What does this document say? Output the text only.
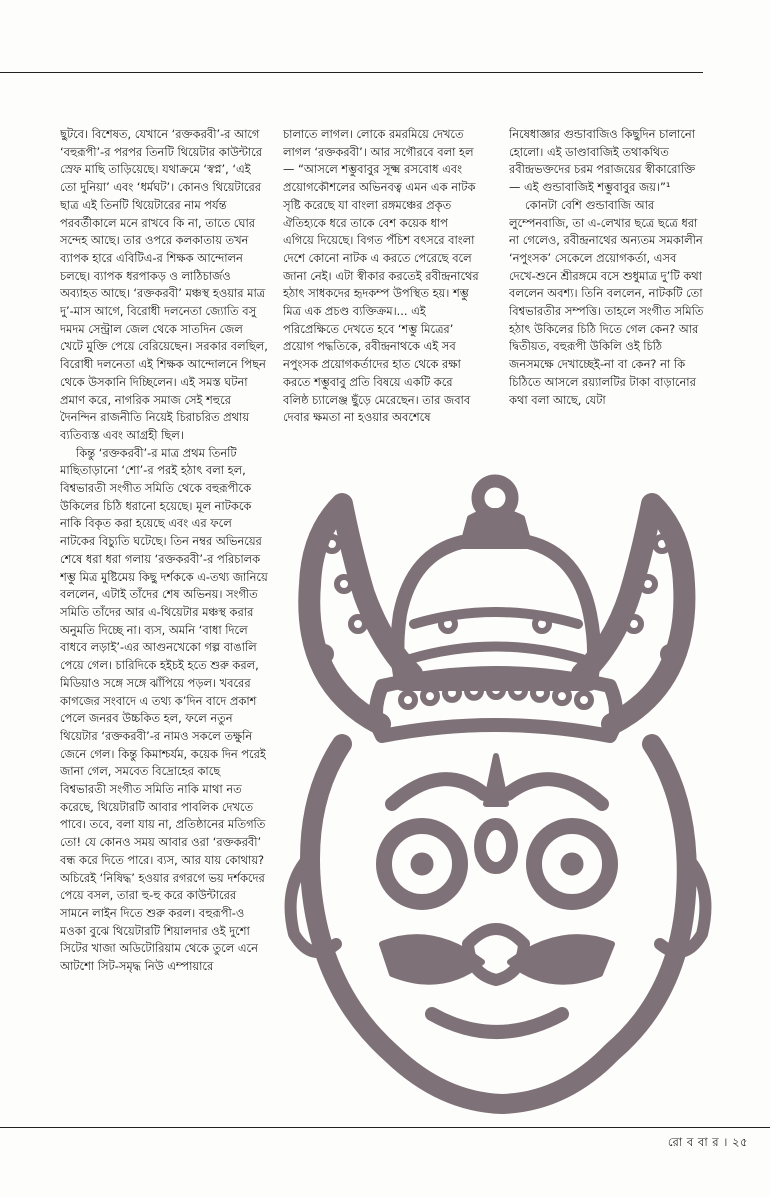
ছুটবে। বিশেষত, যেখানে ‘রক্তকরবী’-র আগে ‘বহুরূপী’-র পরপর তিনটি থিয়েটার কাউন্টারে স্রেফ মাছি তাড়িয়েছে। যথাক্রমে ‘স্বপ্ন’, ‘এই তো দুনিয়া’ এবং ‘ধর্মঘট’। কোনও থিয়েটারের ছাত্র এই তিনটি থিয়েটারের নাম পর্যন্ত পরবর্তীকালে মনে রাখবে কি না, তাতে ঘোর সন্দেহ আছে। তার ওপরে কলকাতায় তখন ব্যাপক হারে এবিটিএ-র শিক্ষক আন্দোলন চলছে। ব্যাপক ধরপাকড় ও লাঠিচার্জও অব্যাহত আছে। ‘রক্তকরবী’ মঞ্চস্থ হওয়ার মাত্র দু’-মাস আগে, বিরোধী দলনেতা জ্যোতি বসু দমদম সেন্ট্রাল জেল থেকে সাতদিন জেল খেটে মুক্তি পেয়ে বেরিয়েছেন। সরকার বলছিল, বিরোধী দলনেতা এই শিক্ষক আন্দোলনে পিছন থেকে উসকানি দিচ্ছিলেন। এই সমস্ত ঘটনা প্রমাণ করে, নাগরিক সমাজ সেই শহুরে দৈনন্দিন রাজনীতি নিয়েই চিরাচরিত প্রথায় ব্যতিব্যস্ত এবং আগ্রহী ছিল।

কিন্তু ‘রক্তকরবী’-র মাত্র প্রথম তিনটি মাছিতাড়ানো ‘শো’-র পরই হঠাৎ বলা হল, বিশ্বভারতী সংগীত সমিতি থেকে বহুরূপীকে উকিলের চিঠি ধরানো হয়েছে। মূল নাটককে নাকি বিকৃত করা হয়েছে এবং এর ফলে নাটকের বিচ্যুতি ঘটেছে। তিন নম্বর অভিনয়ের শেষে ধরা ধরা গলায় ‘রক্তকরবী’-র পরিচালক শম্ভু মিত্র মুষ্টিমেয় কিছু দর্শককে এ-তথ্য জানিয়ে বললেন, এটাই তাঁদের শেষ অভিনয়। সংগীত সমিতি তাঁদের আর এ-থিয়েটার মঞ্চস্থ করার অনুমতি দিচ্ছে না। ব্যস, অমনি ‘বাধা দিলে বাধবে লড়াই’-এর আগুনখেকো গল্প বাঙালি পেয়ে গেল। চারিদিকে হইচই হতে শুরু করল, মিডিয়াও সঙ্গে সঙ্গে ঝাঁপিয়ে পড়ল। খবরের কাগজের সংবাদে এ তথ্য ক’দিন বাদে প্রকাশ পেলে জনরব উচ্চকিত হল, ফলে নতুন থিয়েটার ‘রক্তকরবী’-র নামও সকলে তক্ষুনি জেনে গেল। কিন্তু কিমাশ্চর্যম, কয়েক দিন পরেই জানা গেল, সমবেত বিদ্রোহের কাছে বিশ্বভারতী সংগীত সমিতি নাকি মাথা নত করেছে, থিয়েটারটি আবার পাবলিক দেখতে পাবে। তবে, বলা যায় না, প্রতিষ্ঠানের মতিগতি তো! যে কোনও সময় আবার ওরা ‘রক্তকরবী’ বন্ধ করে দিতে পারে। ব্যস, আর যায় কোথায়? অচিরেই ‘নিষিদ্ধ’ হওয়ার রগরগে ভয় দর্শকদের পেয়ে বসল, তারা হু-হু করে কাউন্টারের সামনে লাইন দিতে শুরু করল। বহুরূপী-ও মওকা বুঝে থিয়েটারটি শিয়ালদার ওই দুশো সিটের খাজা অডিটোরিয়াম থেকে তুলে এনে আটশো সিট-সমৃদ্ধ নিউ এম্পায়ারে

চালাতে লাগল। লোকে রমরমিয়ে দেখতে লাগল ‘রক্তকরবী’। আর সগৌরবে বলা হল— “আসলে শম্ভুবাবুর সূক্ষ্ম রসবোধ এবং প্রয়োগকৌশলের অভিনবত্ব এমন এক নাটক সৃষ্টি করেছে যা বাংলা রঙ্গমঞ্চের প্রকৃত ঐতিহ্যকে ধরে তাকে বেশ কয়েক ধাপ এগিয়ে দিয়েছে। বিগত পঁচিশ বৎসরে বাংলা দেশে কোনো নাটক এ করতে পেরেছে বলে জানা নেই। এটা স্বীকার করতেই রবীন্দ্রনাথের হঠাৎ সাধকদের হৃদকম্প উপস্থিত হয়। শম্ভু মিত্র এক প্রচণ্ড ব্যক্তিক্রম।... এই পরিপ্রেক্ষিতে দেখতে হবে ‘শম্ভু মিত্রের’ প্রয়োগ পদ্ধতিকে, রবীন্দ্রনাথকে এই সব নপুংসক প্রয়োগকর্তাদের হাত থেকে রক্ষা করতে শম্ভুবাবু প্রতি বিষয়ে একটি করে বলিষ্ঠ চ্যালেঞ্জ ছুঁড়ে মেরেছেন। তার জবাব দেবার ক্ষমতা না হওয়ার অবশেষে

নিষেধাজ্ঞার গুন্ডাবাজিও কিছুদিন চালানো হোলো। এই ডাণ্ডাবাজিই তথাকথিত রবীন্দ্রভক্তদের চরম পরাজয়ের স্বীকারোক্তি— এই গুন্ডাবাজিই শম্ভুবাবুর জয়।”¹

কোনটা বেশি গুন্ডাবাজি আর লুম্পেনবাজি, তা এ-লেখার ছত্রে ছত্রে ধরা না গেলেও, রবীন্দ্রনাথের অন্যতম সমকালীন ‘নপুংসক’ সেকেলে প্রয়োগকর্তা, এসব দেখে-শুনে শ্রীরঙ্গমে বসে শুধুমাত্র দু’টি কথা বললেন অবশ্য। তিনি বললেন, নাটকটি তো বিশ্বভারতীর সম্পত্তি। তাহলে সংগীত সমিতি হঠাৎ উকিলের চিঠি দিতে গেল কেন? আর দ্বিতীয়ত, বহুরূপী উকিলি ওই চিঠি জনসমক্ষে দেখাচ্ছেই-না বা কেন? না কি চিঠিতে আসলে রয়্যালটির টাকা বাড়ানোর কথা বলা আছে, যেটা

রো ব বা র । ২৫
